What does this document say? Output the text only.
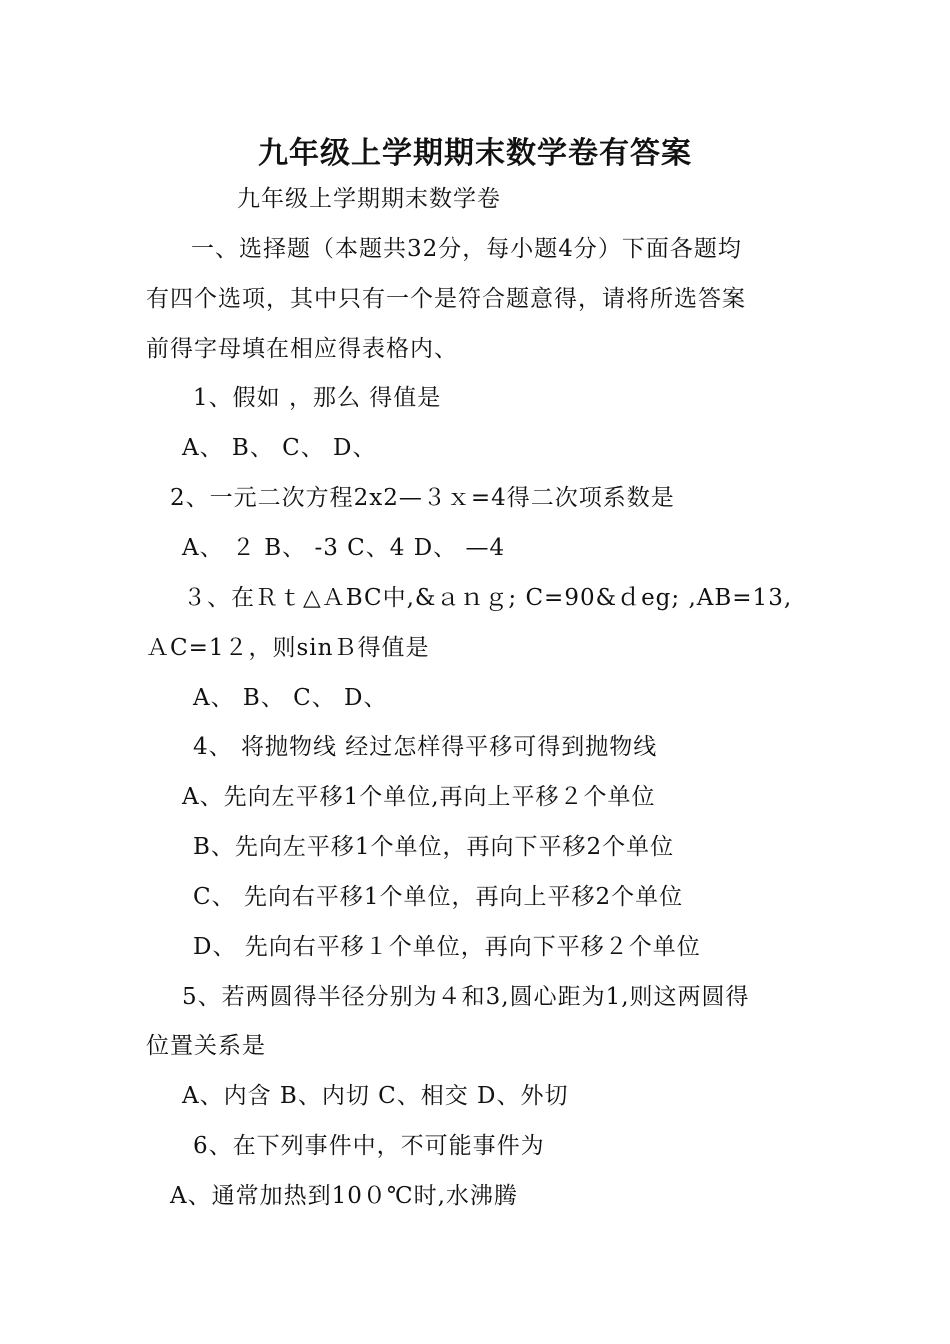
九年级上学期期末数学卷有答案
九年级上学期期末数学卷
一、选择题（本题共32分，每小题4分）下面各题均
有四个选项，其中只有一个是符合题意得，请将所选答案
前得字母填在相应得表格内、
1、假如 ，那么 得值是
A、 B、 C、 D、
2、一元二次方程2x2—３ｘ=4得二次项系数是
A、 ２ B、 -3 C、4 D、 —4
３、在Ｒｔ△ＡBC中,&ａｎｇ; C=90&ｄeg; ,AB=13,
ＡC=1２，则sinＢ得值是
A、 B、 C、 D、
4、 将抛物线 经过怎样得平移可得到抛物线
A、先向左平移1个单位,再向上平移２个单位
B、先向左平移1个单位，再向下平移2个单位
C、 先向右平移1个单位，再向上平移2个单位
D、 先向右平移１个单位，再向下平移２个单位
5、若两圆得半径分别为４和3,圆心距为1,则这两圆得
位置关系是
A、内含 B、内切 C、相交 D、外切
6、在下列事件中，不可能事件为
A、通常加热到10０℃时,水沸腾
